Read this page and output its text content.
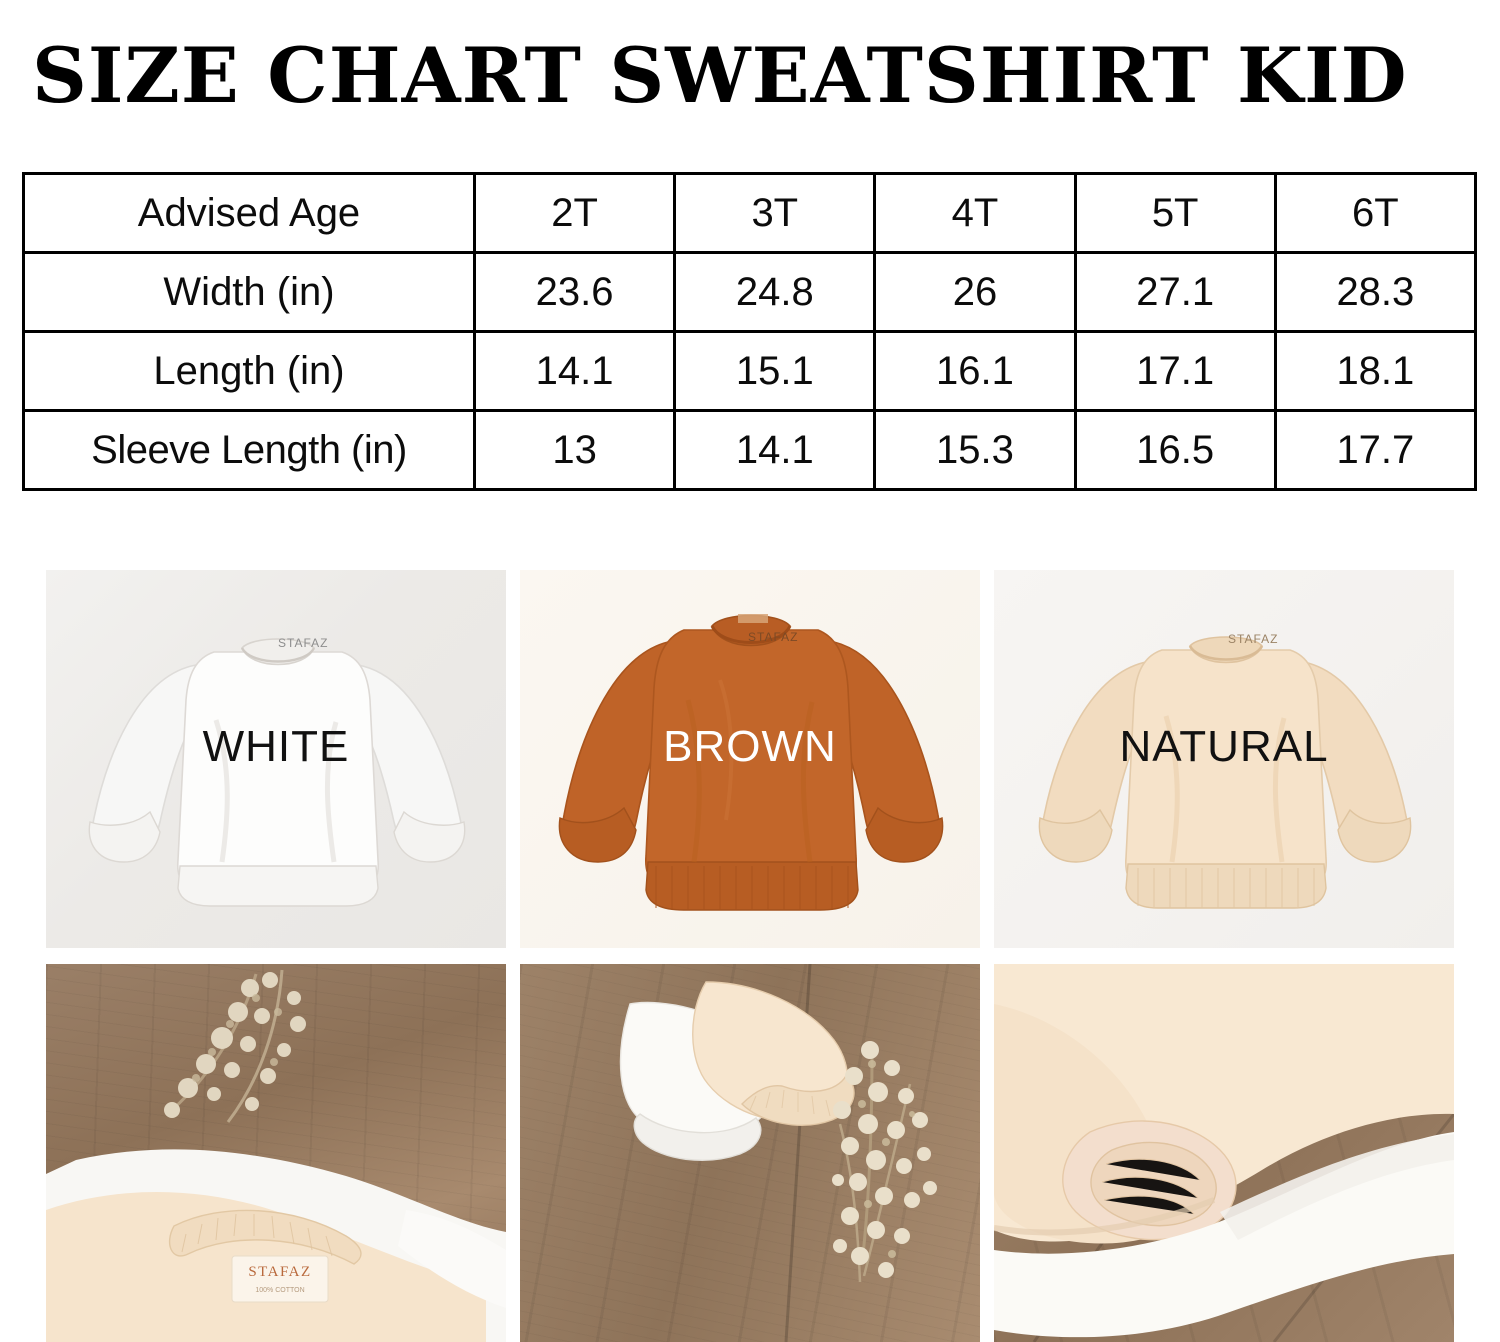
SIZE CHART SWEATSHIRT KID
Advised Age	2T	3T	4T	5T	6T
Width (in)	23.6	24.8	26	27.1	28.3
Length (in)	14.1	15.1	16.1	17.1	18.1
Sleeve Length (in)	13	14.1	15.3	16.5	17.7
STAFAZ
WHITE
STAFAZ
BROWN
STAFAZ
NATURAL
STAFAZ
100% COTTON
